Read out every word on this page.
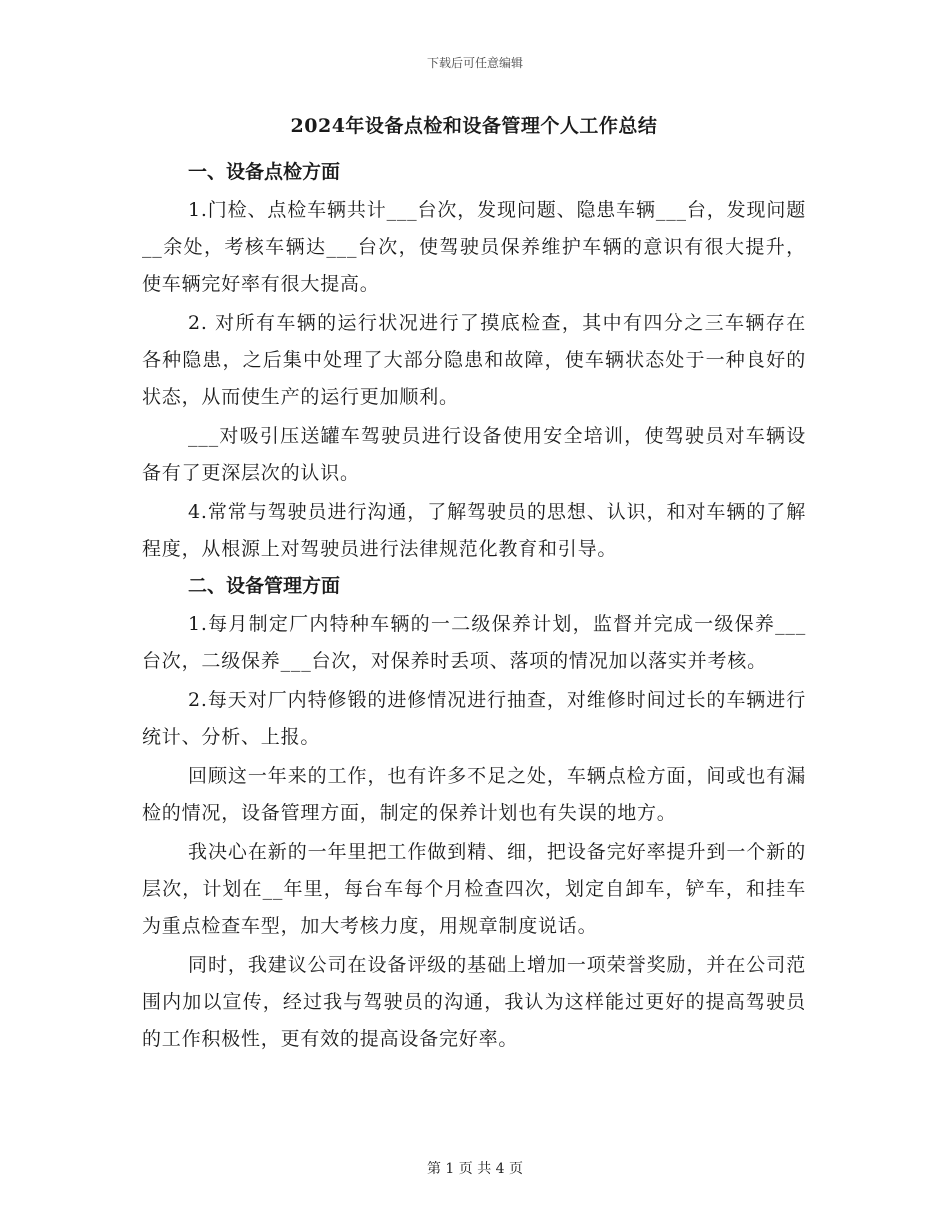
下载后可任意编辑
2024年设备点检和设备管理个人工作总结
一、设备点检方面

1.门检、点检车辆共计___台次，发现问题、隐患车辆___台，发现问题__余处，考核车辆达___台次，使驾驶员保养维护车辆的意识有很大提升，使车辆完好率有很大提高。

2. 对所有车辆的运行状况进行了摸底检查，其中有四分之三车辆存在各种隐患，之后集中处理了大部分隐患和故障，使车辆状态处于一种良好的状态，从而使生产的运行更加顺利。

___对吸引压送罐车驾驶员进行设备使用安全培训，使驾驶员对车辆设备有了更深层次的认识。

4.常常与驾驶员进行沟通，了解驾驶员的思想、认识，和对车辆的了解程度，从根源上对驾驶员进行法律规范化教育和引导。

二、设备管理方面

1.每月制定厂内特种车辆的一二级保养计划，监督并完成一级保养___台次，二级保养___台次，对保养时丢项、落项的情况加以落实并考核。

2.每天对厂内特修锻的进修情况进行抽查，对维修时间过长的车辆进行统计、分析、上报。

回顾这一年来的工作，也有许多不足之处，车辆点检方面，间或也有漏检的情况，设备管理方面，制定的保养计划也有失误的地方。

我决心在新的一年里把工作做到精、细，把设备完好率提升到一个新的层次，计划在__年里，每台车每个月检查四次，划定自卸车，铲车，和挂车为重点检查车型，加大考核力度，用规章制度说话。

同时，我建议公司在设备评级的基础上增加一项荣誉奖励，并在公司范围内加以宣传，经过我与驾驶员的沟通，我认为这样能过更好的提高驾驶员的工作积极性，更有效的提高设备完好率。

第 1 页 共 4 页
